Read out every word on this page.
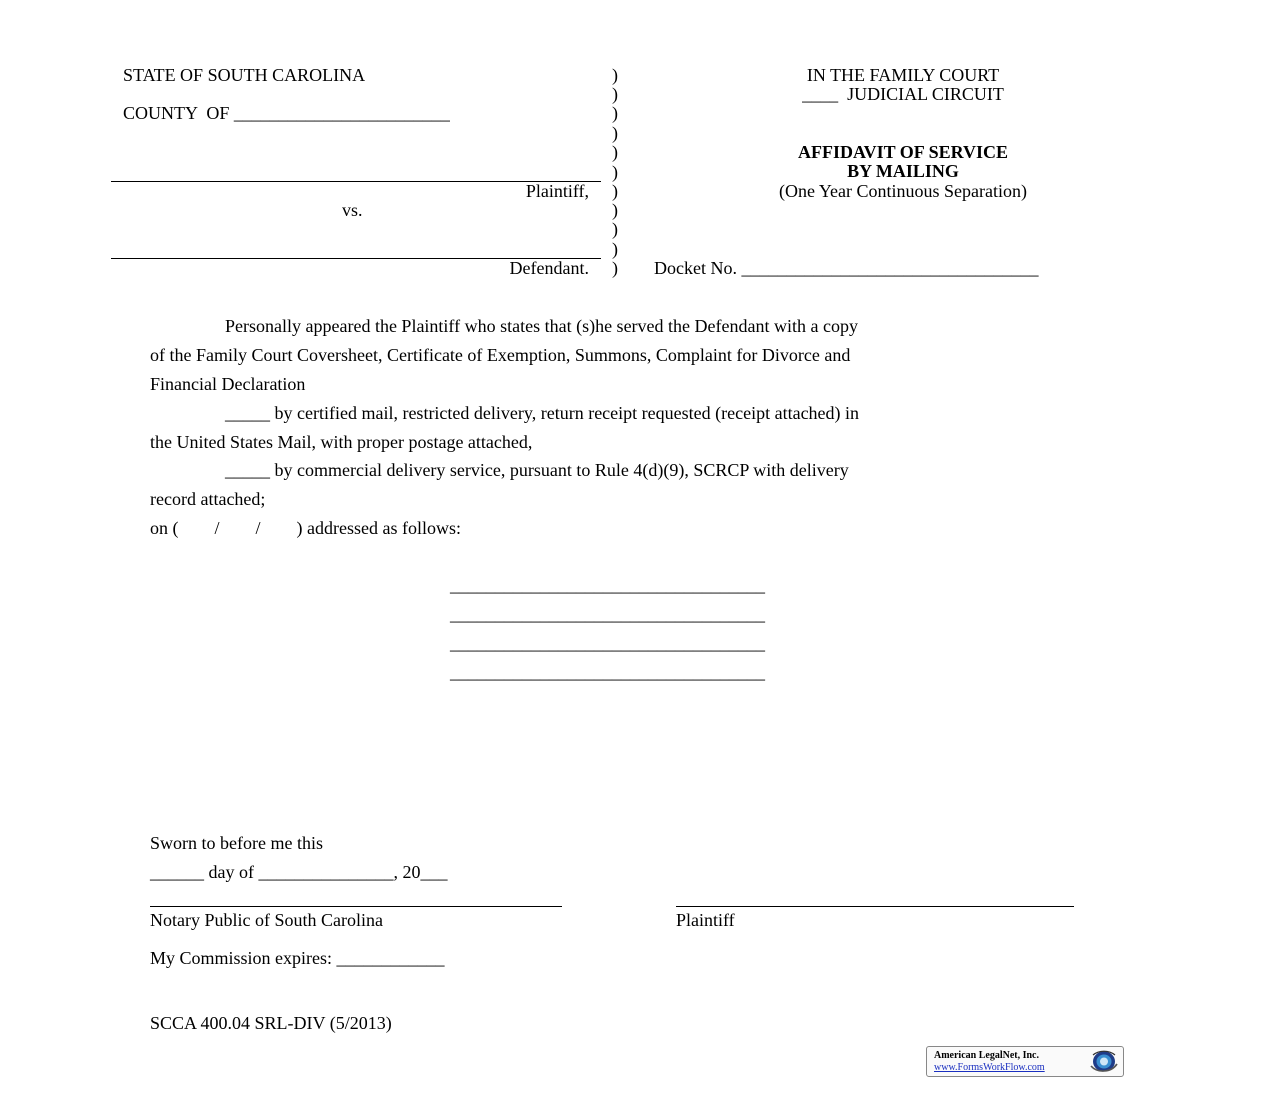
STATE OF SOUTH CAROLINA
COUNTY  OF ________________________
Plaintiff,
vs.
Defendant.
)
)
)
)
)
)
)
)
)
)
)
IN THE FAMILY COURT
____  JUDICIAL CIRCUIT
AFFIDAVIT OF SERVICE
BY MAILING
(One Year Continuous Separation)
Docket No. _________________________________
Personally appeared the Plaintiff who states that (s)he served the Defendant with a copy
of the Family Court Coversheet, Certificate of Exemption, Summons, Complaint for Divorce and
Financial Declaration
_____ by certified mail, restricted delivery, return receipt requested (receipt attached) in
the United States Mail, with proper postage attached,
_____ by commercial delivery service, pursuant to Rule 4(d)(9), SCRCP with delivery
record attached;
on (        /        /        ) addressed as follows:
___________________________________
___________________________________
___________________________________
___________________________________
Sworn to before me this
______ day of _______________, 20___
Notary Public of South Carolina	Plaintiff
My Commission expires: ____________
SCCA 400.04 SRL-DIV (5/2013)
American LegalNet, Inc.
www.FormsWorkFlow.com
